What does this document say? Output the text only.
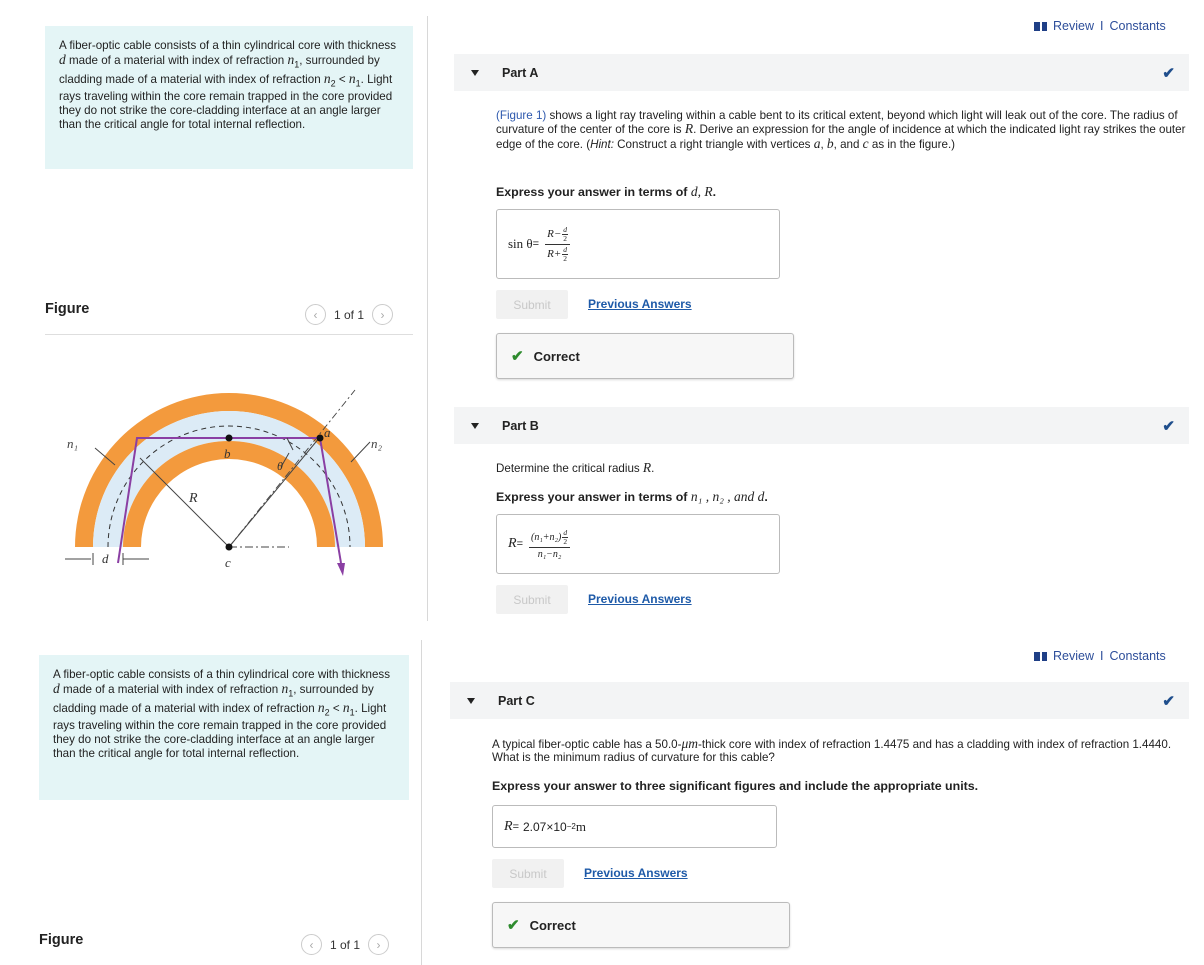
A fiber-optic cable consists of a thin cylindrical core with thickness d made of a material with index of refraction $n_1$, surrounded by cladding made of a material with index of refraction $n_2 < n_1$. Light rays traveling within the core remain trapped in the core provided they do not strike the core-cladding interface at an angle larger than the critical angle for total internal reflection.
Figure	‹	1 of 1	›
n₁	n₂
a
b
c
R
θ
d
Review I Constants
Part A	✔
(Figure 1) shows a light ray traveling within a cable bent to its critical extent, beyond which light will leak out of the core. The radius of curvature of the center of the core is R. Derive an expression for the angle of incidence at which the indicated light ray strikes the outer edge of the core. (Hint: Construct a right triangle with vertices a, b, and c as in the figure.)
Express your answer in terms of d, R.
$\sin \theta = \frac{R- \frac{d}{2}}{R+ \frac{d}{2}}$
Submit	Previous Answers
✔ Correct
Part B	✔
Determine the critical radius R.
Express your answer in terms of n₁ , n₂ , and d.
$R = \frac{(n_1+n_2) \frac{d}{2}}{\text{n₁−n₂}}$
Submit	Previous Answers
A fiber-optic cable consists of a thin cylindrical core with thickness d made of a material with index of refraction $n_1$, surrounded by cladding made of a material with index of refraction $n_2 < n_1$. Light rays traveling within the core remain trapped in the core provided they do not strike the core-cladding interface at an angle larger than the critical angle for total internal reflection.
Figure	‹	1 of 1	›
Review I Constants
Part C	✔
A typical fiber-optic cable has a 50.0-μm-thick core with index of refraction 1.4475 and has a cladding with index of refraction 1.4440. What is the minimum radius of curvature for this cable?
Express your answer to three significant figures and include the appropriate units.
R = 2.07×10 −2 m
Submit	Previous Answers
✔ Correct
